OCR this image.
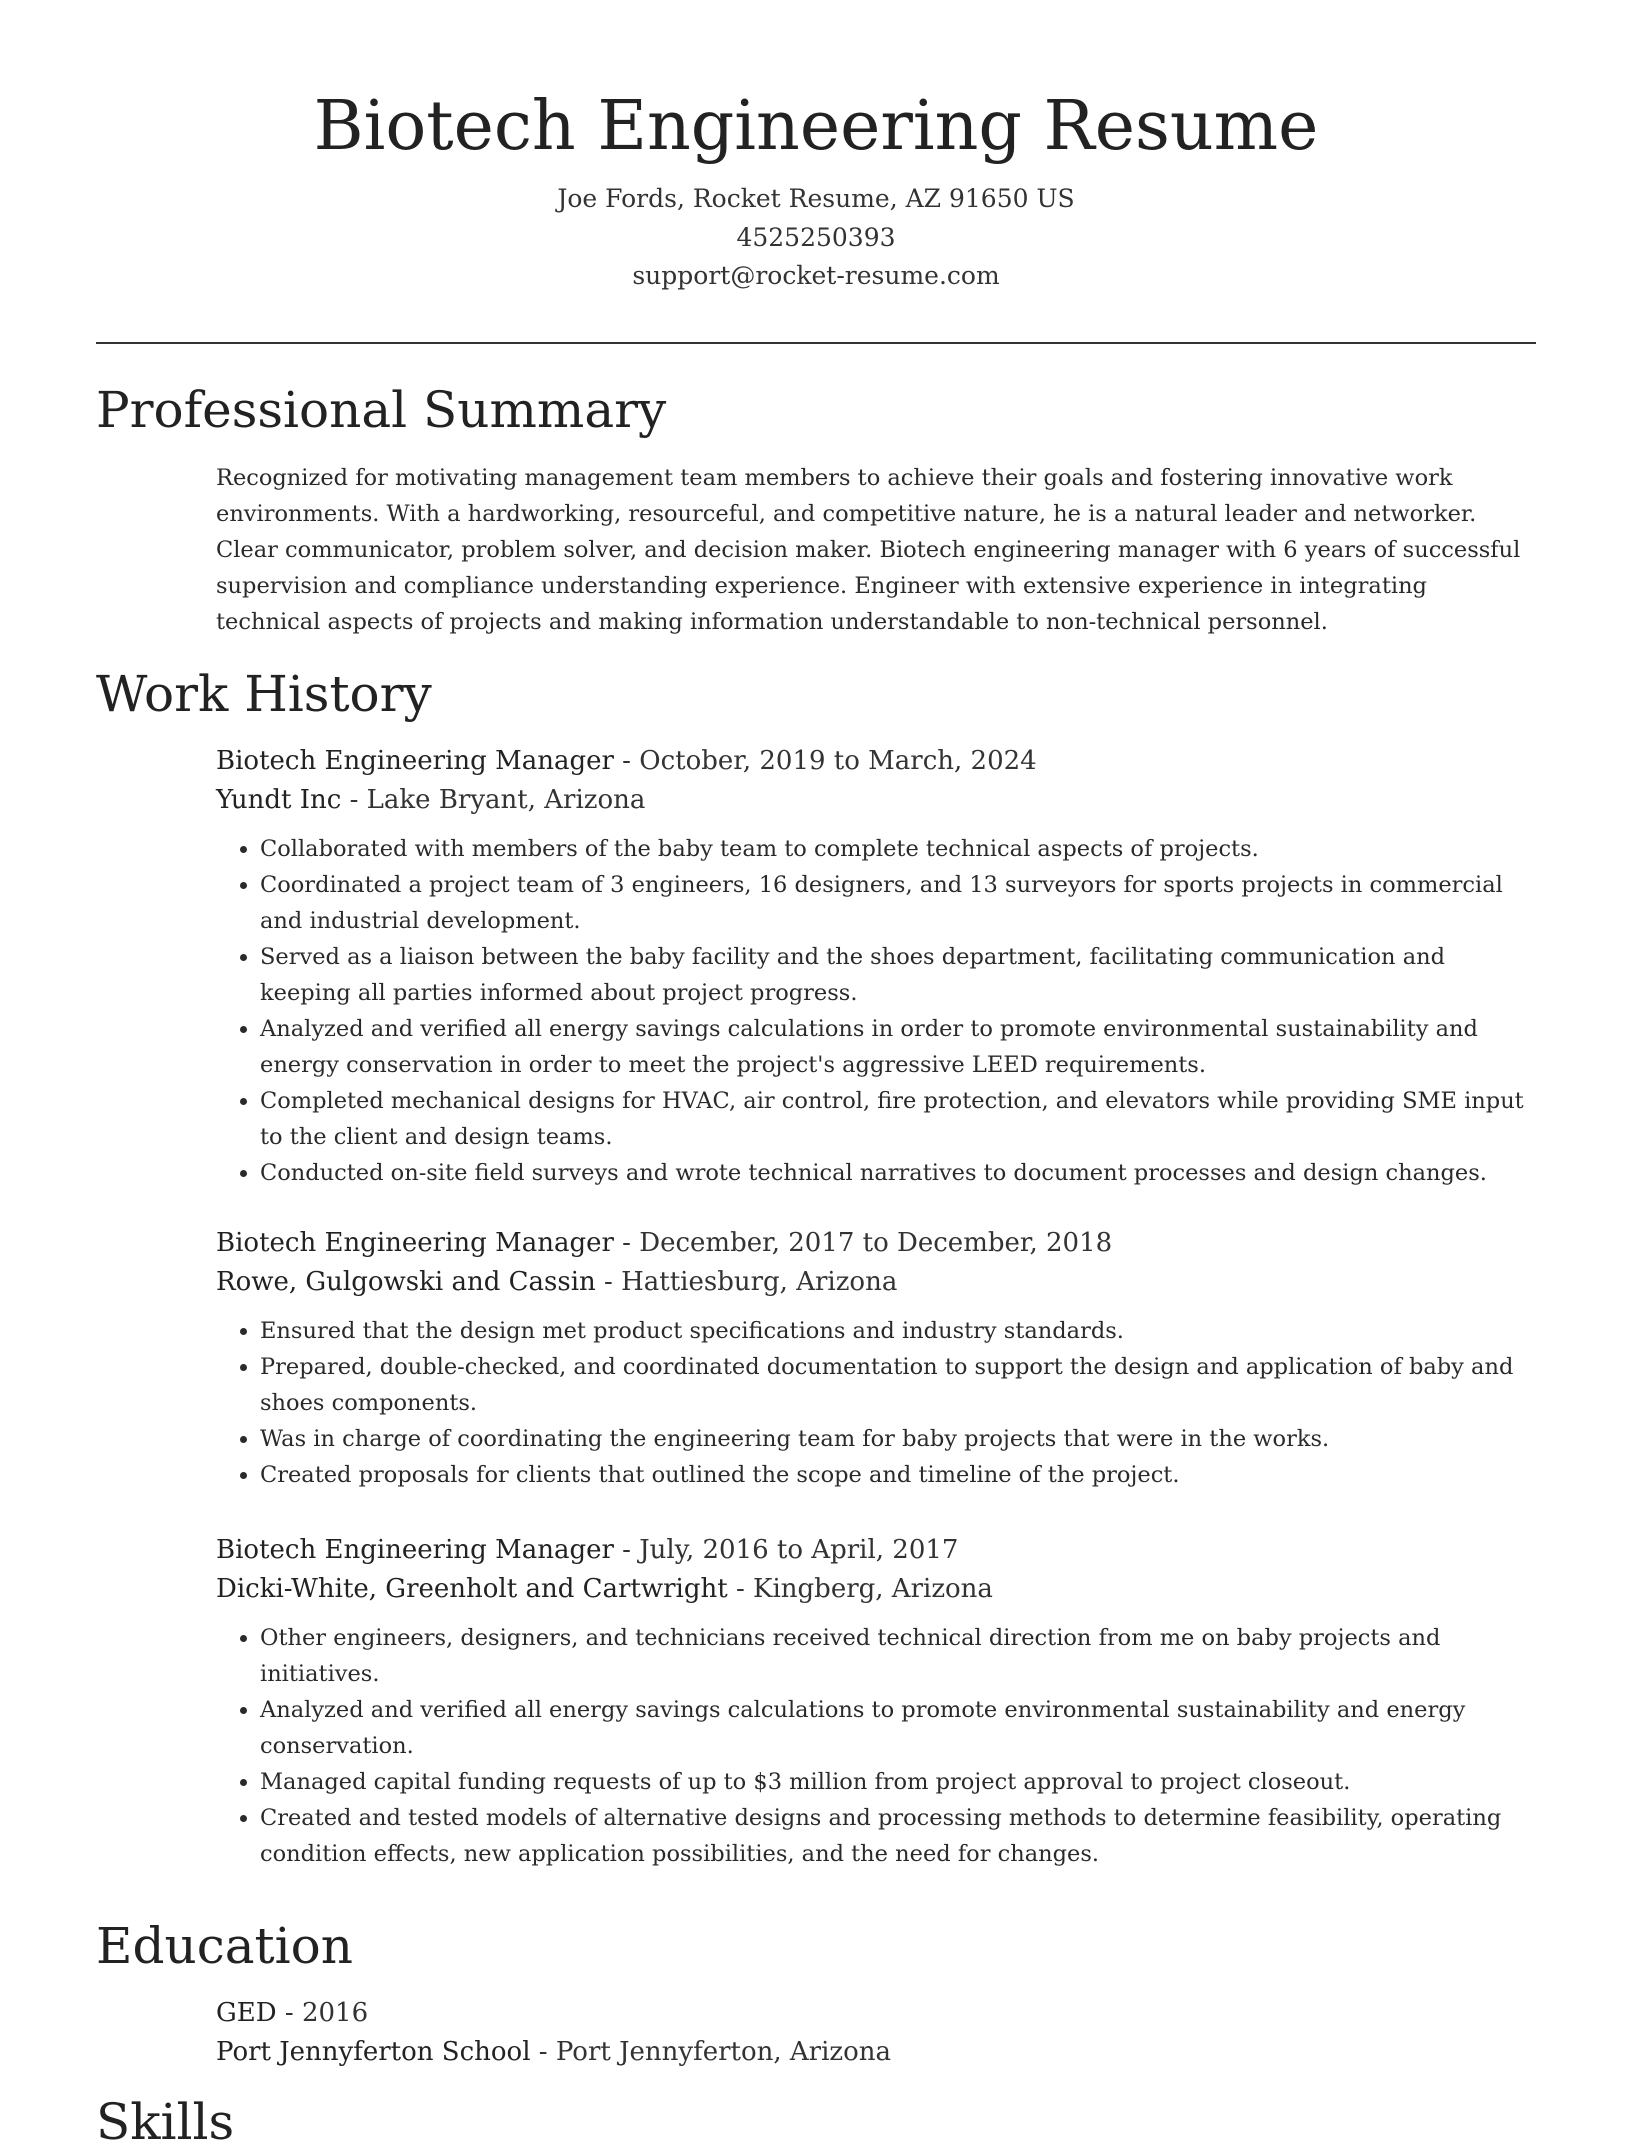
Biotech Engineering Resume
Joe Fords, Rocket Resume, AZ 91650 US
4525250393
support@rocket-resume.com
Professional Summary

Recognized for motivating management team members to achieve their goals and fostering innovative work environments. With a hardworking, resourceful, and competitive nature, he is a natural leader and networker. Clear communicator, problem solver, and decision maker. Biotech engineering manager with 6 years of successful supervision and compliance understanding experience. Engineer with extensive experience in integrating technical aspects of projects and making information understandable to non-technical personnel.

Work History
Biotech Engineering Manager - October, 2019 to March, 2024
Yundt Inc - Lake Bryant, Arizona
• Collaborated with members of the baby team to complete technical aspects of projects.
• Coordinated a project team of 3 engineers, 16 designers, and 13 surveyors for sports projects in commercial and industrial development.
• Served as a liaison between the baby facility and the shoes department, facilitating communication and keeping all parties informed about project progress.
• Analyzed and verified all energy savings calculations in order to promote environmental sustainability and energy conservation in order to meet the project's aggressive LEED requirements.
• Completed mechanical designs for HVAC, air control, fire protection, and elevators while providing SME input to the client and design teams.
• Conducted on-site field surveys and wrote technical narratives to document processes and design changes.
Biotech Engineering Manager - December, 2017 to December, 2018
Rowe, Gulgowski and Cassin - Hattiesburg, Arizona
• Ensured that the design met product specifications and industry standards.
• Prepared, double-checked, and coordinated documentation to support the design and application of baby and shoes components.
• Was in charge of coordinating the engineering team for baby projects that were in the works.
• Created proposals for clients that outlined the scope and timeline of the project.
Biotech Engineering Manager - July, 2016 to April, 2017
Dicki-White, Greenholt and Cartwright - Kingberg, Arizona
• Other engineers, designers, and technicians received technical direction from me on baby projects and initiatives.
• Analyzed and verified all energy savings calculations to promote environmental sustainability and energy conservation.
• Managed capital funding requests of up to $3 million from project approval to project closeout.
• Created and tested models of alternative designs and processing methods to determine feasibility, operating condition effects, new application possibilities, and the need for changes.
Education
GED - 2016
Port Jennyferton School - Port Jennyferton, Arizona
Skills
